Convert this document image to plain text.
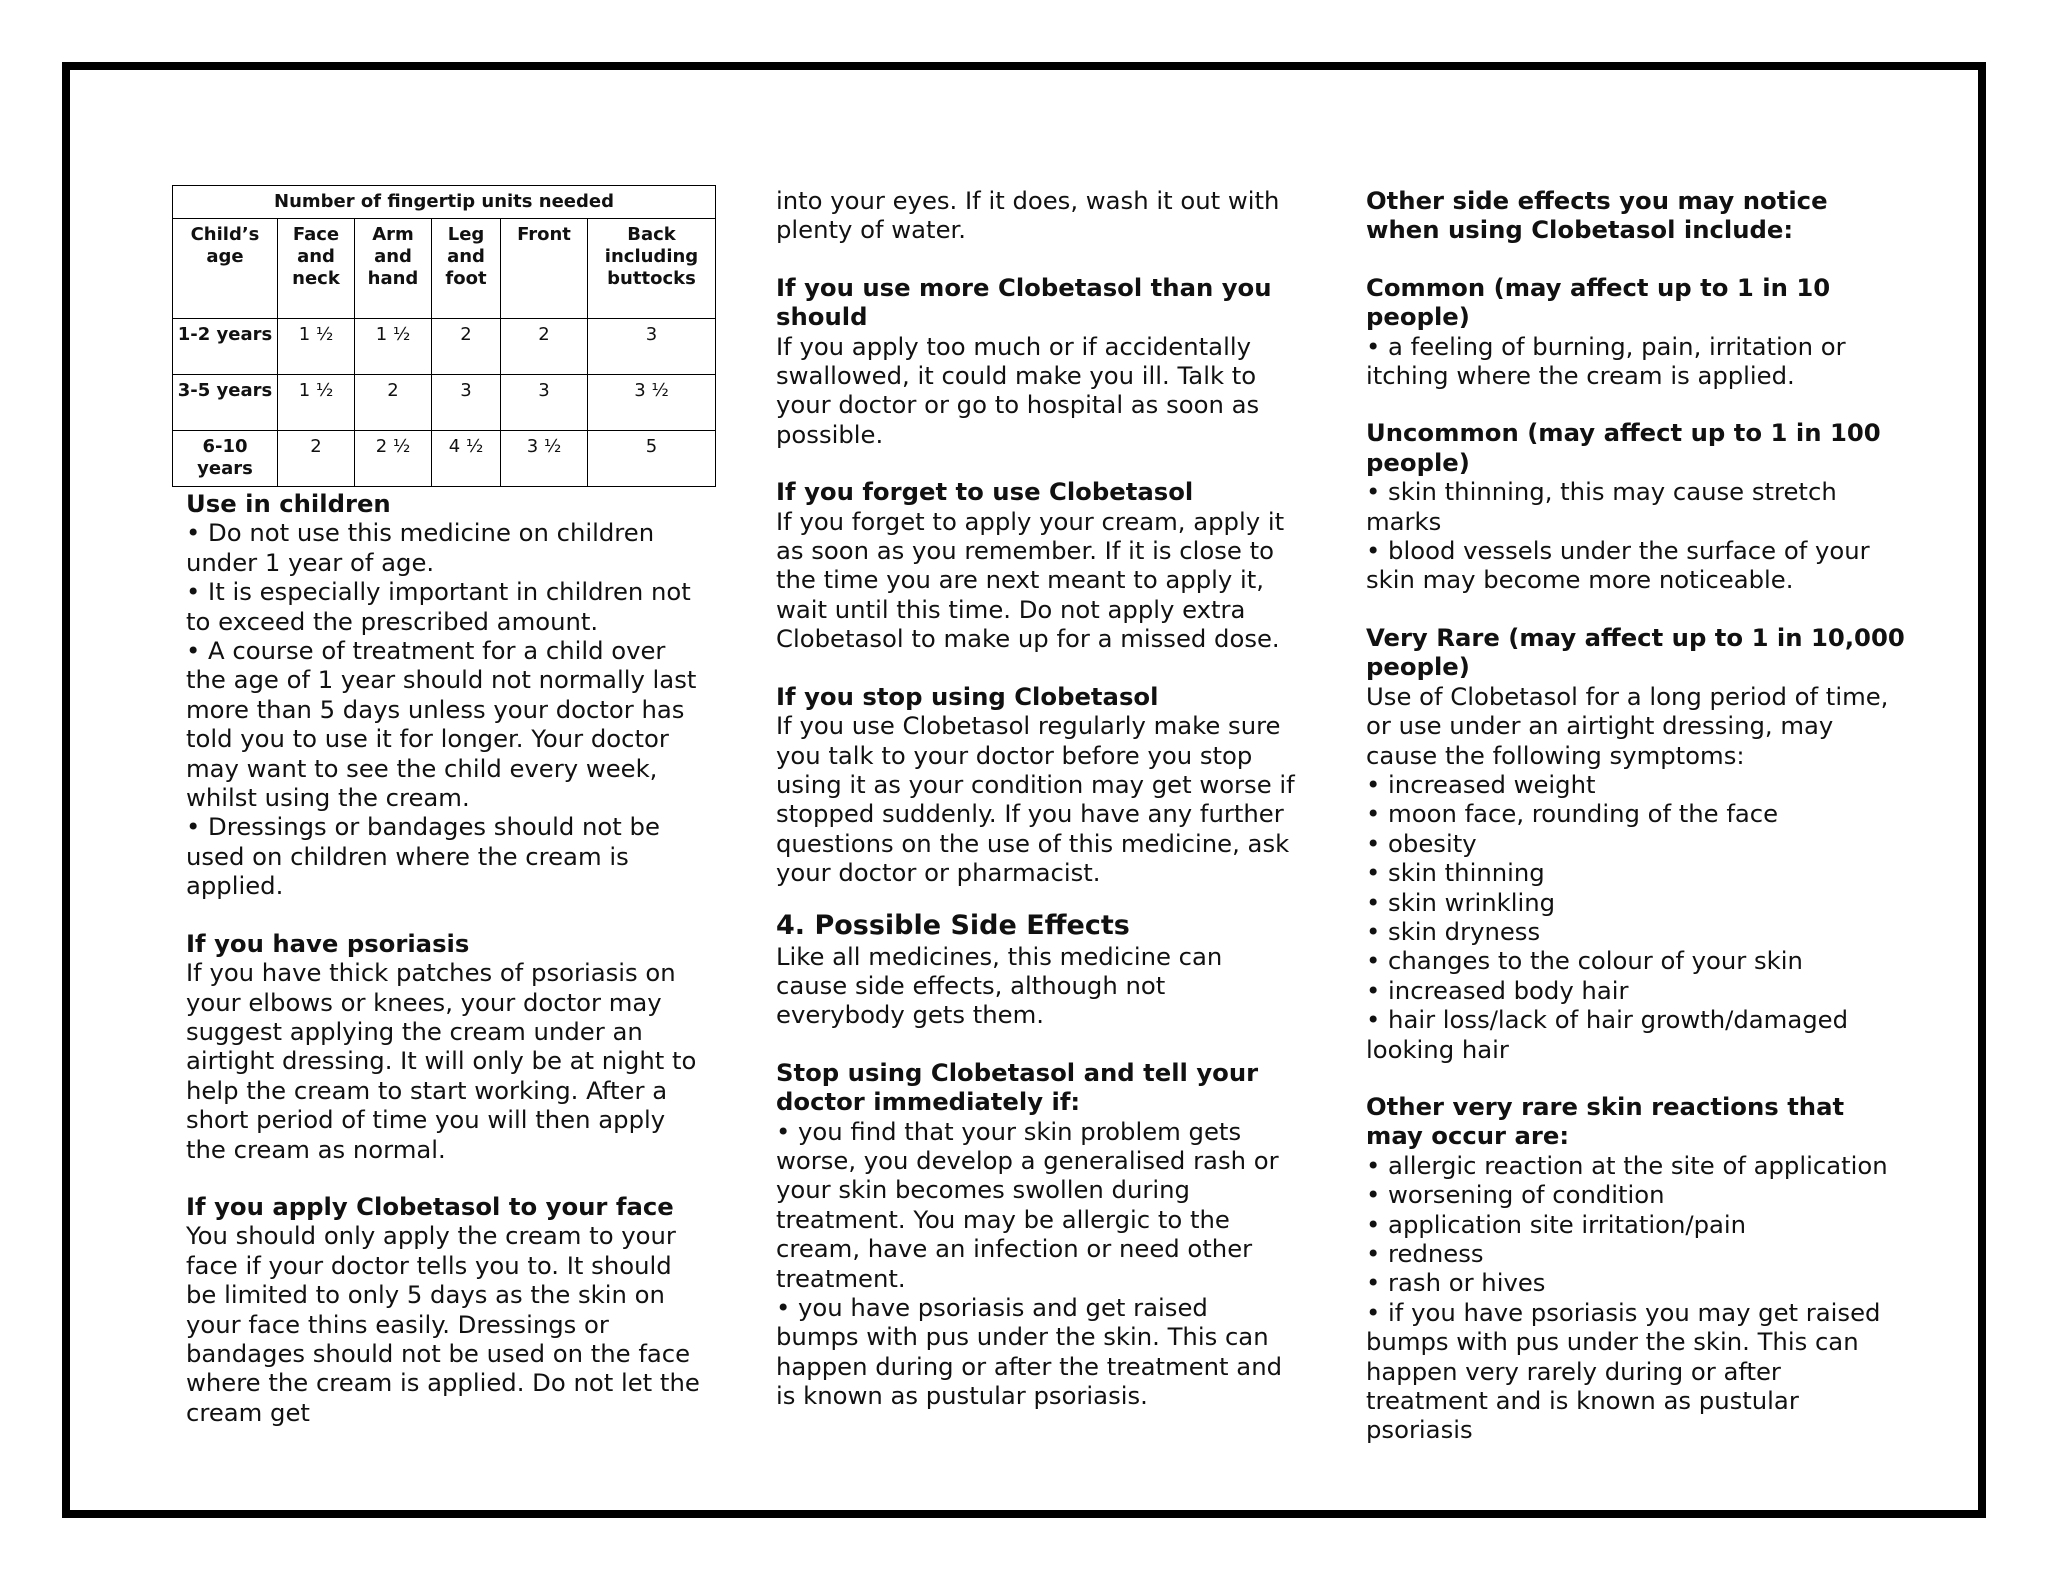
Number of fingertip units needed					
Child’s age	Face and neck	Arm and hand	Leg and foot	Front	Back including buttocks
1-2 years	1 ½	1 ½	2	2	3
3-5 years	1 ½	2	3	3	3 ½
6-10 years	2	2 ½	4 ½	3 ½	5

Use in children

• Do not use this medicine on children under 1 year of age.

• It is especially important in children not to exceed the prescribed amount.

• A course of treatment for a child over the age of 1 year should not normally last more than 5 days unless your doctor has told you to use it for longer. Your doctor may want to see the child every week, whilst using the cream.

• Dressings or bandages should not be used on children where the cream is applied.

If you have psoriasis

If you have thick patches of psoriasis on your elbows or knees, your doctor may suggest applying the cream under an airtight dressing. It will only be at night to help the cream to start working. After a short period of time you will then apply the cream as normal.

If you apply Clobetasol to your face

You should only apply the cream to your face if your doctor tells you to. It should be limited to only 5 days as the skin on your face thins easily. Dressings or bandages should not be used on the face where the cream is applied. Do not let the cream get

into your eyes. If it does, wash it out with plenty of water.

If you use more Clobetasol than you should

If you apply too much or if accidentally swallowed, it could make you ill. Talk to your doctor or go to hospital as soon as possible.

If you forget to use Clobetasol

If you forget to apply your cream, apply it as soon as you remember. If it is close to the time you are next meant to apply it, wait until this time. Do not apply extra Clobetasol to make up for a missed dose.

If you stop using Clobetasol

If you use Clobetasol regularly make sure you talk to your doctor before you stop using it as your condition may get worse if stopped suddenly. If you have any further questions on the use of this medicine, ask your doctor or pharmacist.

4. Possible Side Effects

Like all medicines, this medicine can cause side effects, although not everybody gets them.

Stop using Clobetasol and tell your doctor immediately if:

• you find that your skin problem gets worse, you develop a generalised rash or your skin becomes swollen during treatment. You may be allergic to the cream, have an infection or need other treatment.

• you have psoriasis and get raised bumps with pus under the skin. This can happen during or after the treatment and is known as pustular psoriasis.

Other side effects you may notice when using Clobetasol include:

Common (may affect up to 1 in 10 people)

• a feeling of burning, pain, irritation or itching where the cream is applied.

Uncommon (may affect up to 1 in 100 people)

• skin thinning, this may cause stretch marks

• blood vessels under the surface of your skin may become more noticeable.

Very Rare (may affect up to 1 in 10,000 people)

Use of Clobetasol for a long period of time, or use under an airtight dressing, may cause the following symptoms:

• increased weight

• moon face, rounding of the face

• obesity

• skin thinning

• skin wrinkling

• skin dryness

• changes to the colour of your skin

• increased body hair

• hair loss/lack of hair growth/damaged looking hair

Other very rare skin reactions that may occur are:

• allergic reaction at the site of application

• worsening of condition

• application site irritation/pain

• redness

• rash or hives

• if you have psoriasis you may get raised bumps with pus under the skin. This can happen very rarely during or after treatment and is known as pustular psoriasis
